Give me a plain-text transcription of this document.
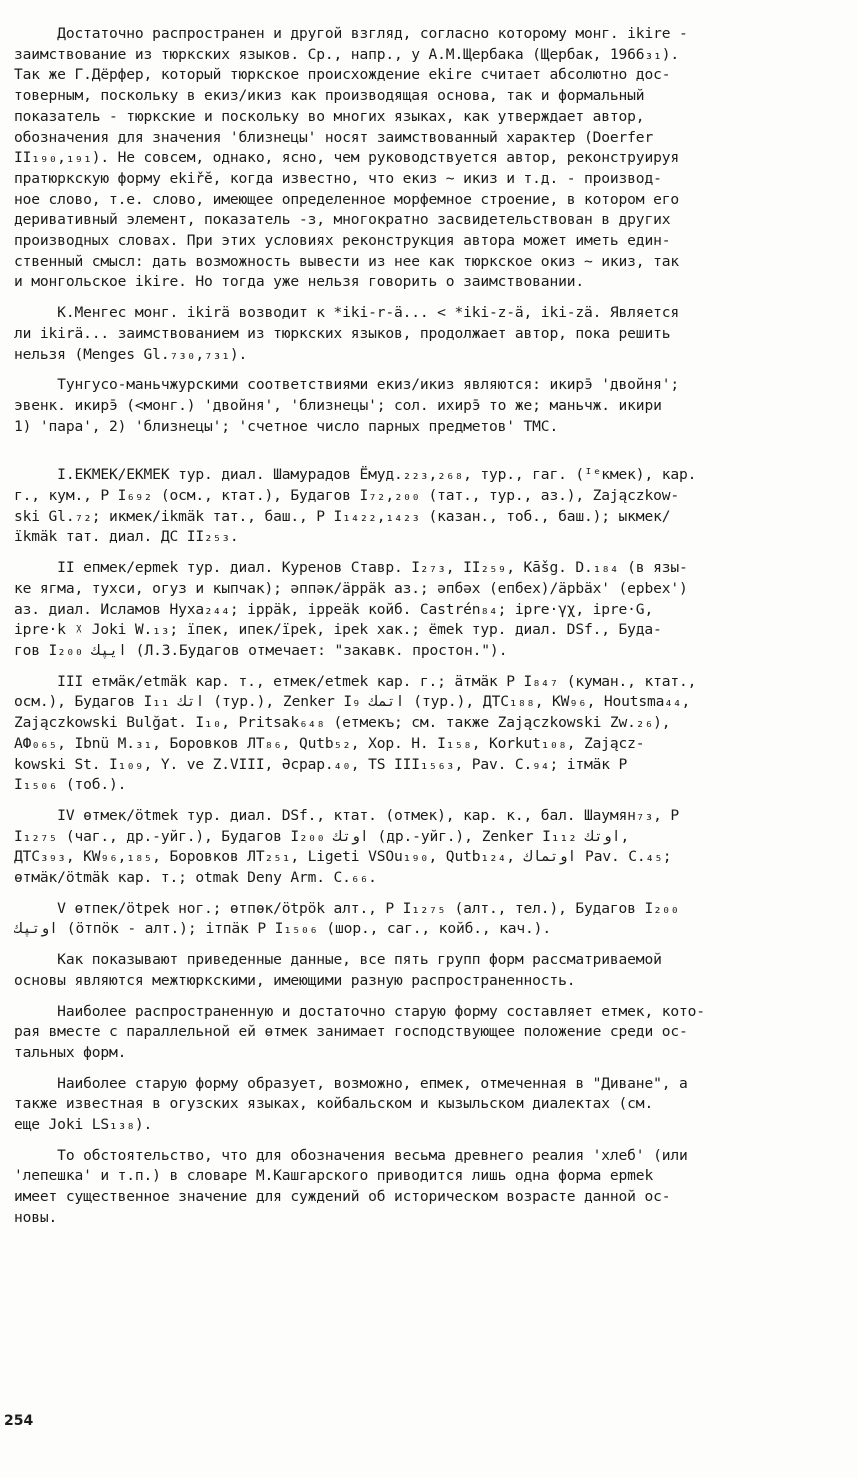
Достаточно распространен и другой взгляд, согласно которому монг. ikire -
заимствование из тюркских языков. Ср., напр., у А.М.Щербака (Щербак, 1966₃₁).
Так же Г.Дёрфер, который тюркское происхождение ekire считает абсолютно дос-
товерным, поскольку в екиз/икиз как производящая основа, так и формальный
показатель - тюркские и поскольку во многих языках, как утверждает автор,
обозначения для значения 'близнецы' носят заимствованный характер (Doerfer
II₁₉₀,₁₉₁). Не совсем, однако, ясно, чем руководствуется автор, реконструируя
пратюркскую форму ekiřĕ, когда известно, что екиз ~ икиз и т.д. - производ-
ное слово, т.е. слово, имеющее определенное морфемное строение, в котором его
деривативный элемент, показатель -з, многократно засвидетельствован в других
производных словах. При этих условиях реконструкция автора может иметь един-
ственный смысл: дать возможность вывести из нее как тюркское окиз ~ икиз, так
и монгольское ikire. Но тогда уже нельзя говорить о заимствовании.
К.Менгес монг. ikirä возводит к *iki-r-ä... < *iki-z-ä, iki-zä. Является
ли ikirä... заимствованием из тюркских языков, продолжает автор, пока решить
нельзя (Menges Gl.₇₃₀,₇₃₁).
Тунгусо-маньчжурскими соответствиями екиз/икиз являются: икирэ̄ 'двойня';
эвенк. икирэ̄ (<монг.) 'двойня', 'близнецы'; сол. ихирэ̄ то же; маньчж. икири
1) 'пара', 2) 'близнецы'; 'счетное число парных предметов' ТМС.
I.ЕКМЕК/ЕКМЕК тур. диал. Шамурадов Ёмуд.₂₂₃,₂₆₈, тур., гаг. (ᴵᵉкмек), кар.
г., кум., Р I₆₉₂ (осм., ктат.), Будагов I₇₂,₂₀₀ (тат., тур., аз.), Zajączkow-
ski Gl.₇₂; икмек/ikmäk тат., баш., Р I₁₄₂₂,₁₄₂₃ (казан., тоб., баш.); ыкмек/
ïkmäk тат. диал. ДС II₂₅₃.
II епмек/epmek тур. диал. Куренов Ставр. I₂₇₃, II₂₅₉, Kāšg. D.₁₈₄ (в язы-
ке ягма, тухси, огуз и кыпчак); әппәк/äppäk аз.; әпбәх (епбех)/äpbäx' (epbex')
аз. диал. Исламов Нуха₂₄₄; ippäk, ippeäk койб. Castrén₈₄; ipre·γχ, ipre·G,
ipre·k ᵡ Joki W.₁₃; їпек, ипек/ïpek, ipek хак.; ёmek тур. диал. DSf., Буда-
гов I₂₀₀ ايپك (Л.З.Будагов отмечает: "закавк. простон.").
III етмäк/etmäk кар. т., етмек/etmek кар. г.; äтмäк Р I₈₄₇ (куман., ктат.,
осм.), Будагов I₁₁ اتك (тур.), Zenker I₉ اتمك (тур.), ДТС₁₈₈, KW₉₆, Houtsma₄₄,
Zajączkowski Bulğat. I₁₀, Pritsak₆₄₈ (етмекъ; см. также Zajączkowski Zw.₂₆),
АФ₀₆₅, Ibnü M.₃₁, Боровков ЛТ₈₆, Qutb₅₂, Хор. Н. I₁₅₈, Korkut₁₀₈, Zającz-
kowski St. I₁₀₉, Y. ve Z.VIII, Әсрар.₄₀, TS III₁₅₆₃, Pav. C.₉₄; ітмäк Р
I₁₅₀₆ (тоб.).
IV өтмек/ötmek тур. диал. DSf., ктат. (отмек), кар. к., бал. Шаумян₇₃, Р
I₁₂₇₅ (чаг., др.-уйг.), Будагов I₂₀₀ اوتك (др.-уйг.), Zenker I₁₁₂ اوتك,
ДТС₃₉₃, KW₉₆,₁₈₅, Боровков ЛТ₂₅₁, Ligeti VSOu₁₉₀, Qutb₁₂₄, اوتماك Pav. C.₄₅;
өтмäк/ötmäk кар. т.; otmak Deny Arm. C.₆₆.
V өтпек/ötpek ног.; өтпөк/ötpök алт., Р I₁₂₇₅ (алт., тел.), Будагов I₂₀₀
اوتپك (öтпöк - алт.); ітпäк Р I₁₅₀₆ (шор., саг., койб., кач.).
Как показывают приведенные данные, все пять групп форм рассматриваемой
основы являются межтюркскими, имеющими разную распространенность.
Наиболее распространенную и достаточно старую форму составляет етмек, кото-
рая вместе с параллельной ей өтмек занимает господствующее положение среди ос-
тальных форм.
Наиболее старую форму образует, возможно, епмек, отмеченная в "Диване", а
также известная в огузских языках, койбальском и кызыльском диалектах (см.
еще Joki LS₁₃₈).
То обстоятельство, что для обозначения весьма древнего реалия 'хлеб' (или
'лепешка' и т.п.) в словаре М.Кашгарского приводится лишь одна форма epmek
имеет существенное значение для суждений об историческом возрасте данной ос-
новы.
254
